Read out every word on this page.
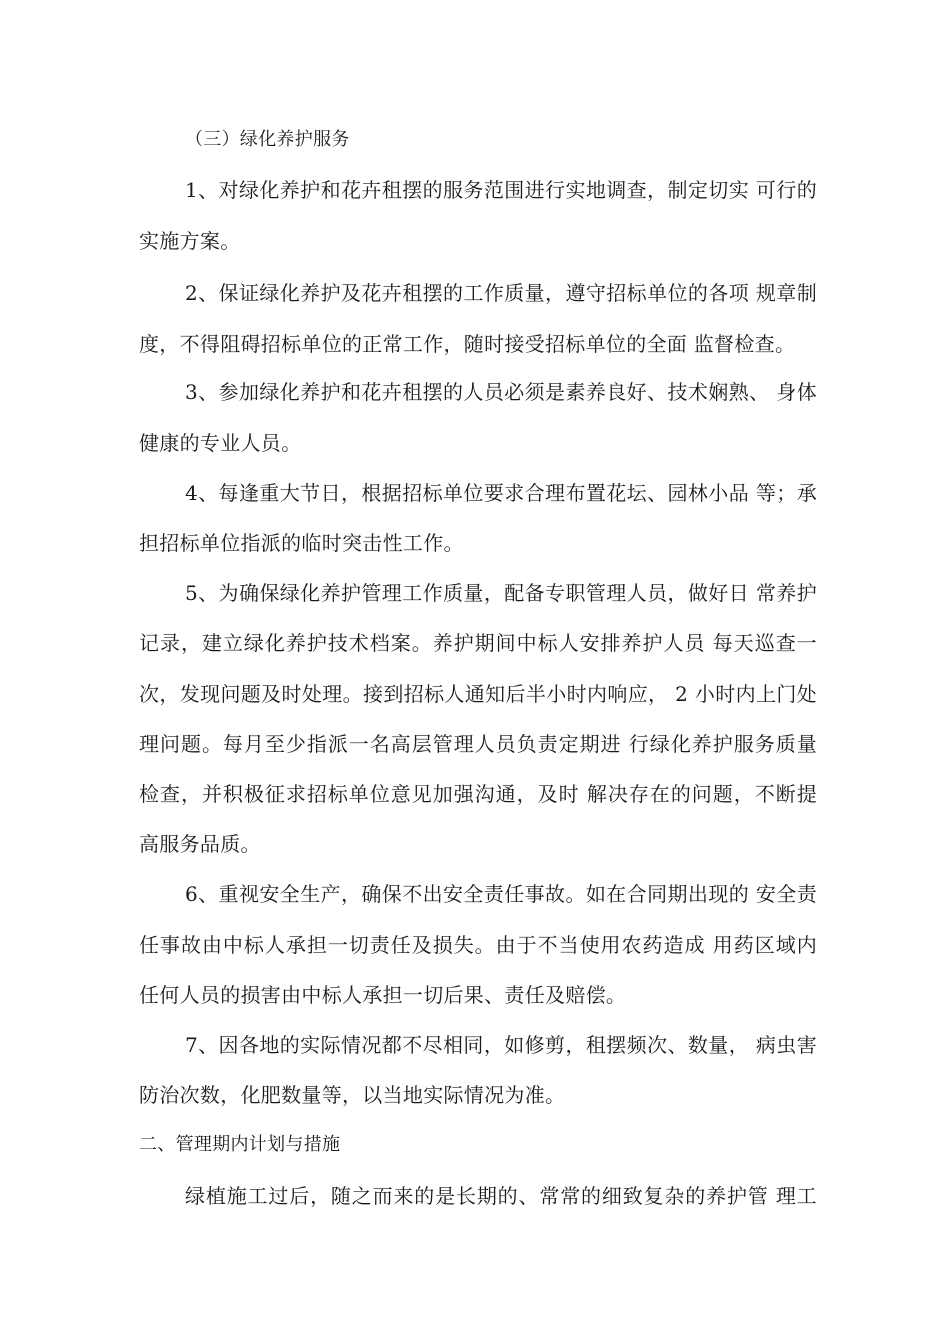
（三）绿化养护服务
1、对绿化养护和花卉租摆的服务范围进行实地调查，制定切实 可行的
实施方案。
2、保证绿化养护及花卉租摆的工作质量，遵守招标单位的各项 规章制
度，不得阻碍招标单位的正常工作，随时接受招标单位的全面 监督检查。
3、参加绿化养护和花卉租摆的人员必须是素养良好、技术娴熟、 身体
健康的专业人员。
4、每逢重大节日，根据招标单位要求合理布置花坛、园林小品 等；承
担招标单位指派的临时突击性工作。
5、为确保绿化养护管理工作质量，配备专职管理人员，做好日 常养护
记录，建立绿化养护技术档案。养护期间中标人安排养护人员 每天巡查一
次，发现问题及时处理。接到招标人通知后半小时内响应， 2 小时内上门处
理问题。每月至少指派一名高层管理人员负责定期进 行绿化养护服务质量
检查，并积极征求招标单位意见加强沟通，及时 解决存在的问题，不断提
高服务品质。
6、重视安全生产，确保不出安全责任事故。如在合同期出现的 安全责
任事故由中标人承担一切责任及损失。由于不当使用农药造成 用药区域内
任何人员的损害由中标人承担一切后果、责任及赔偿。
7、因各地的实际情况都不尽相同，如修剪，租摆频次、数量， 病虫害
防治次数，化肥数量等，以当地实际情况为准。
二、管理期内计划与措施
绿植施工过后，随之而来的是长期的、常常的细致复杂的养护管 理工
